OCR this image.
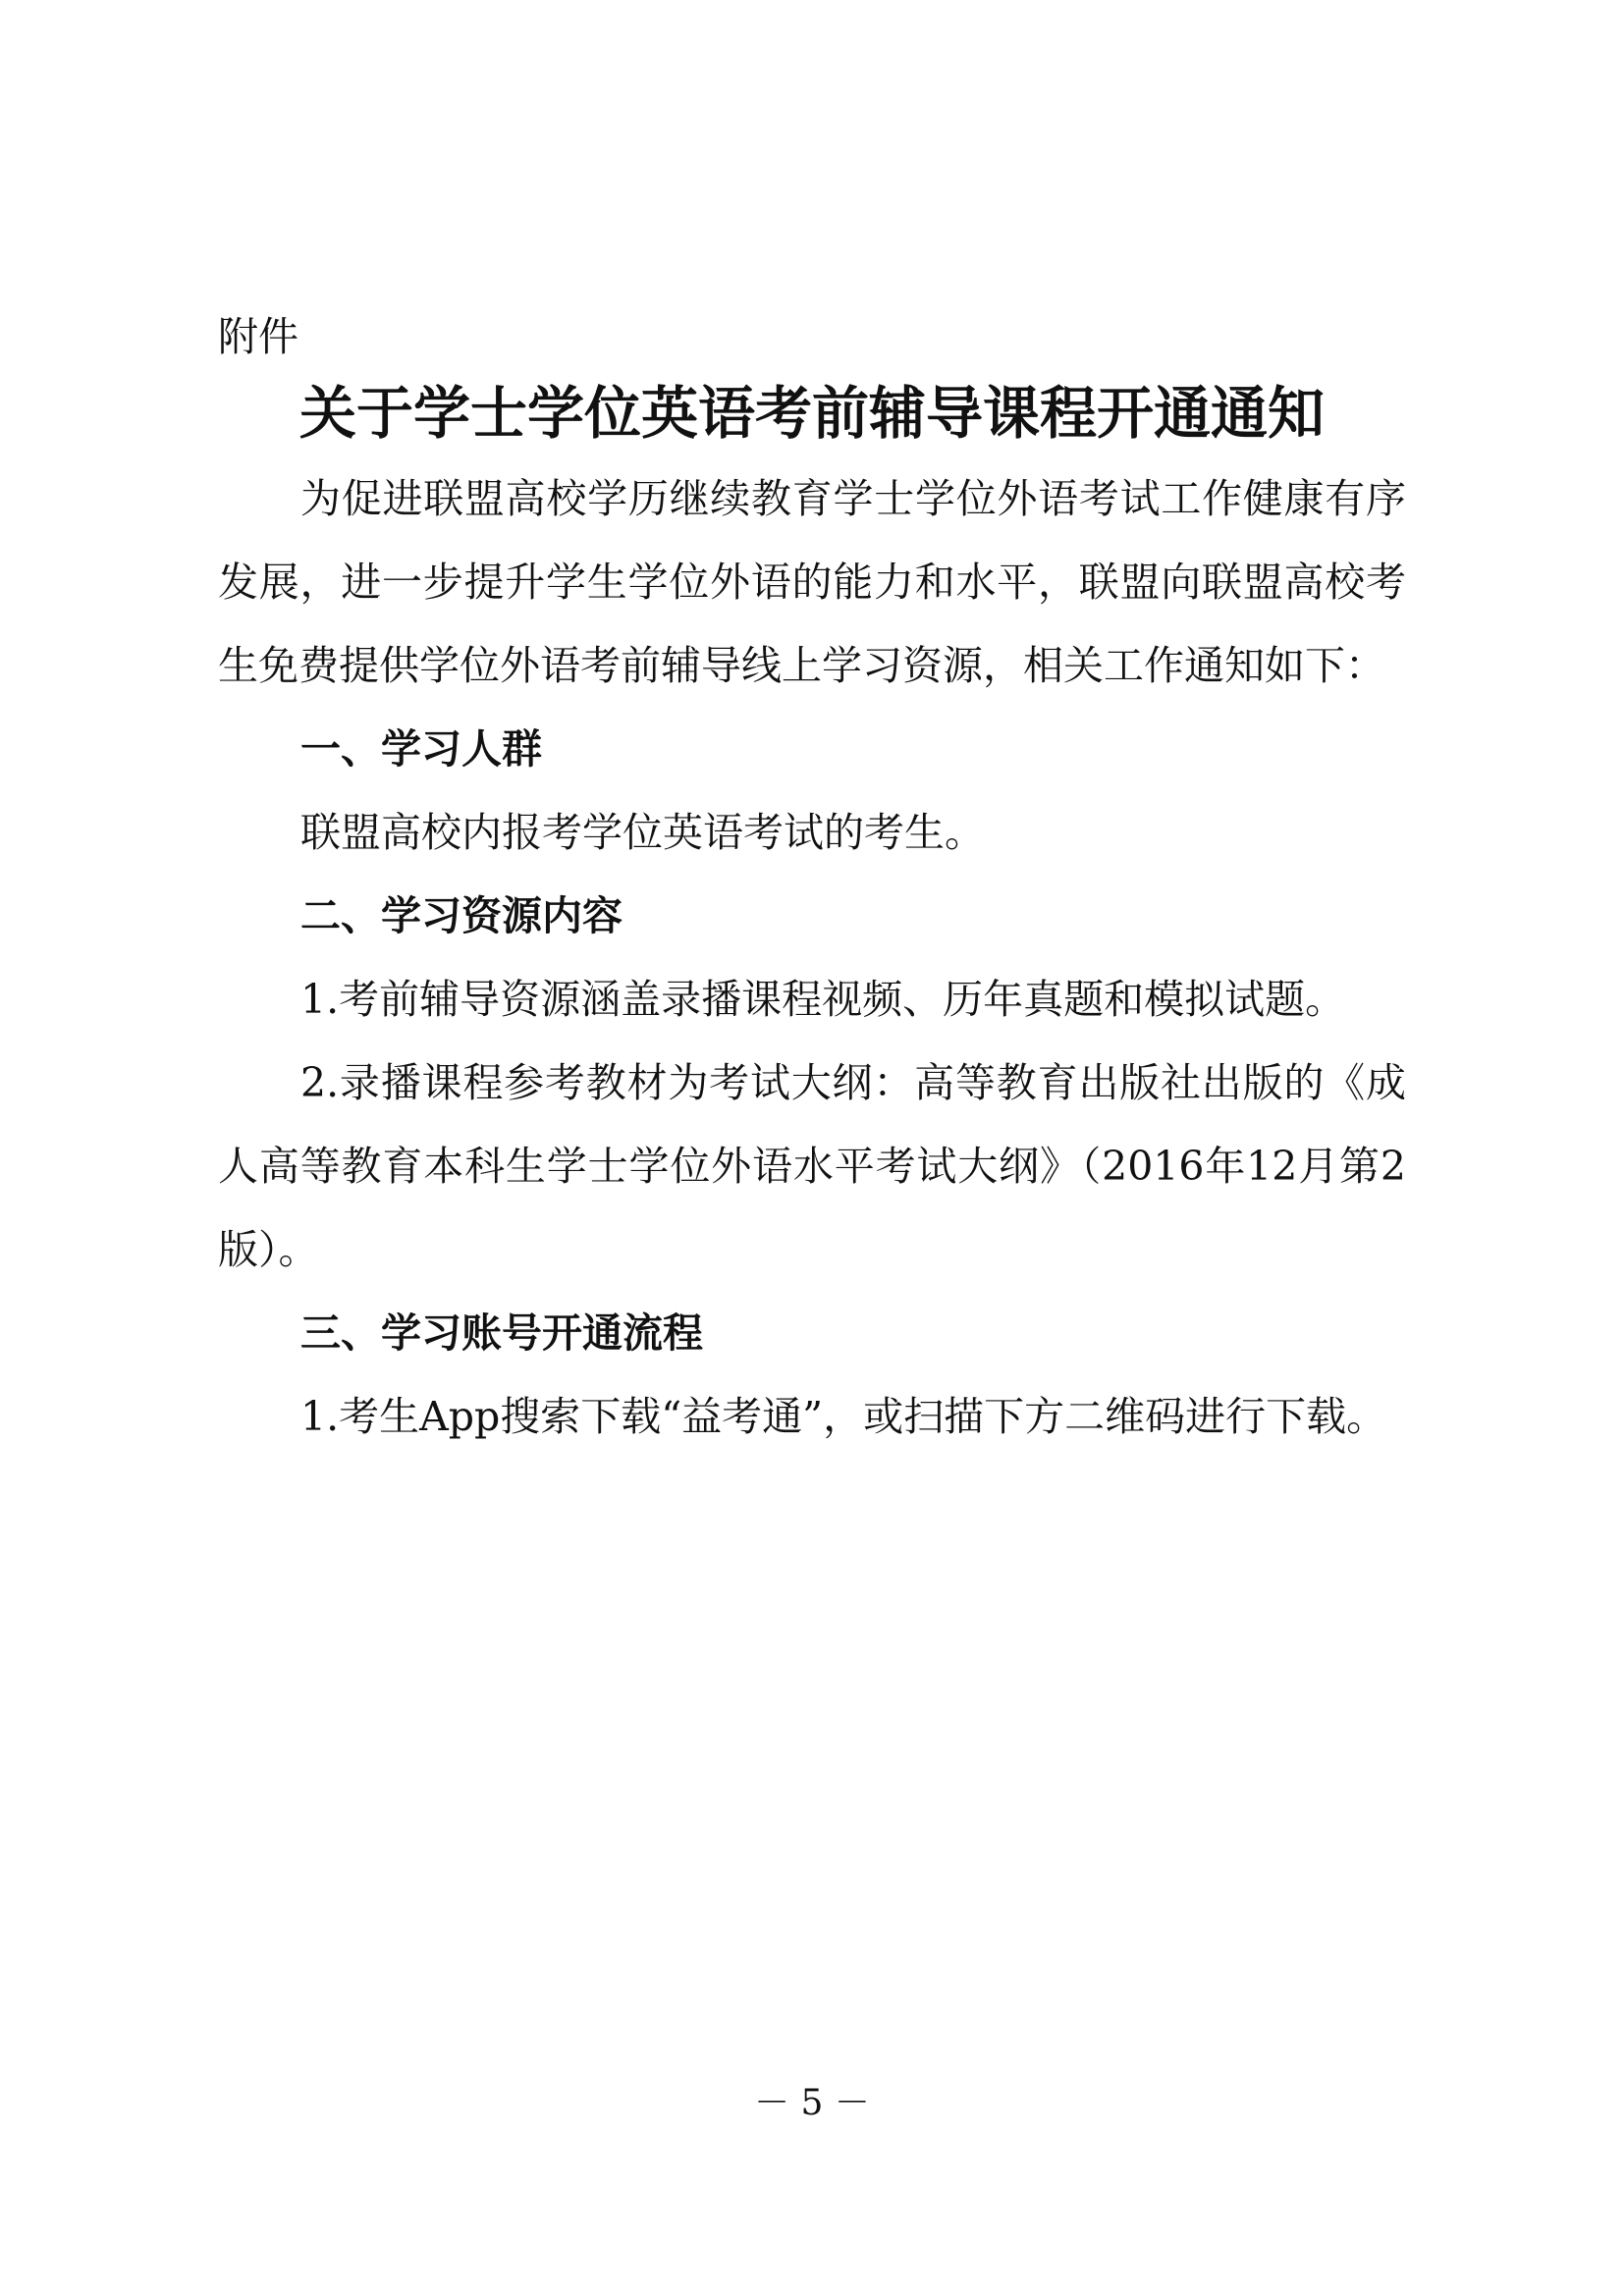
附件
关于学士学位英语考前辅导课程开通通知

为促进联盟高校学历继续教育学士学位外语考试工作健康有序发展，进一步提升学生学位外语的能力和水平，联盟向联盟高校考生免费提供学位外语考前辅导线上学习资源，相关工作通知如下：

一、学习人群

联盟高校内报考学位英语考试的考生。

二、学习资源内容

1.考前辅导资源涵盖录播课程视频、历年真题和模拟试题。

2.录播课程参考教材为考试大纲：高等教育出版社出版的《成人高等教育本科生学士学位外语水平考试大纲》（2016年12月第2版）。

三、学习账号开通流程

1.考生App搜索下载“益考通”，或扫描下方二维码进行下载。

－ 5 －
